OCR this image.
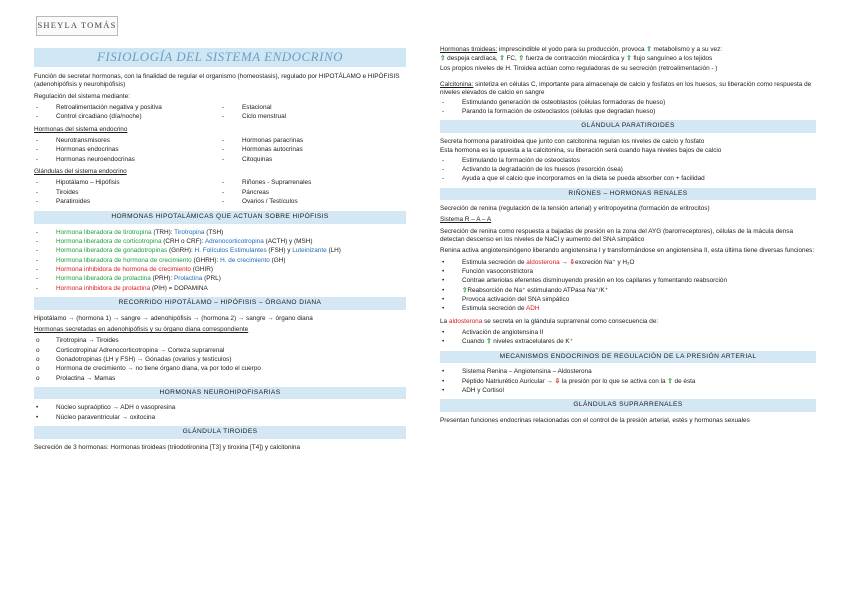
SHEYLA TOMÁS
FISIOLOGÍA DEL SISTEMA ENDOCRINO

Función de secretar hormonas, con la finalidad de regular el organismo (homeostasis), regulado por HIPOTÁLAMO e HIPÓFISIS (adenohipófisis y neurohipófisis)

Regulación del sistema mediante:

-	Retroalimentación negativa y positiva	-	Estacional
-	Control circadiano (día/noche)	-	Ciclo menstrual

Hormonas del sistema endocrino

-	Neurotransmisores	-	Hormonas paracrinas
-	Hormonas endocrinas	-	Hormonas autocrinas
-	Hormonas neuroendocrinas	-	Citoquinas

Glándulas del sistema endocrino

-	Hipotálamo – Hipófisis	-	Riñones - Suprarrenales
-	Tiroides	-	Páncreas
-	Paratiroides	-	Ovarios / Testículos
HORMONAS HIPOTALÁMICAS QUE ACTUAN SOBRE HIPÓFISIS
-	Hormona liberadora de tirotropina (TRH): Tirotropina (TSH)
-	Hormona liberadora de corticotropina (CRH o CRF): Adrenocorticotropina (ACTH) y (MSH)
-	Hormona liberadora de gonadotropinas (GnRH): H. Folículos Estimulantes (FSH) y Luteinizante (LH)
-	Hormona liberadora de hormona de crecimiento (GHRH): H. de crecimiento (GH)
-	Hormona inhibidora de hormona de crecimiento (GHIR)
-	Hormona liberadora de prolactina (PRH): Prolactina (PRL)
-	Hormona inhibidora de prolactina (PIH) = DOPAMINA
RECORRIDO HIPOTÁLAMO – HIPÓFISIS – ÓRGANO DIANA

Hipotálamo → (hormona 1) → sangre → adenohipófisis → (hormona 2) → sangre → órgano diana

Hormonas secretadas en adenohipófisis y su órgano diana correspondiente

o	Tirotropina → Tiroides
o	Corticotropina/ Adrenocorticotropina → Corteza suprarrenal
o	Gonadotropinas (LH y FSH) → Gónadas (ovarios y testículos)
o	Hormona de crecimiento → no tiene órgano diana, va por todo el cuerpo
o	Prolactina → Mamas
HORMONAS NEUROHIPOFISARIAS
•	Núcleo supraóptico → ADH o vasopresina
•	Núcleo paraventricular → oxitocina
GLÁNDULA TIROIDES

Secreción de 3 hormonas: Hormonas tiroideas (triiodotironina [T3] y tiroxina [T4]) y calcitonina

Hormonas tiroideas: imprescindible el yodo para su producción, provoca ⇧ metabolismo y a su vez:

⇧ despeja cardíaca, ⇧ FC, ⇧ fuerza de contracción miocárdica y ⇧ flujo sanguíneo a los tejidos

Los propios niveles de H. Tiroidea actúan como reguladoras de su secreción (retroalimentación - )

Calcitonina: sintetiza en células C, importante para almacenaje de calcio y fosfatos en los huesos, su liberación como respuesta de niveles elevados de calcio en sangre

-	Estimulando generación de osteoblastos (células formadoras de hueso)
-	Parando la formación de osteoclastos (células que degradan hueso)
GLÁNDULA PARATIROIDES

Secreta hormona paratiroidea que junto con calcitonina regulan los niveles de calcio y fosfato

Esta hormona es la opuesta a la calcitonina, su liberación será cuando haya niveles bajos de calcio

-	Estimulando la formación de osteoclastos
-	Activando la degradación de los huesos (resorción ósea)
-	Ayuda a que el calcio que incorporamos en la dieta se pueda absorber con + facilidad
RIÑONES – HORMONAS RENALES

Secreción de renina (regulación de la tensión arterial) y eritropoyetina (formación de eritrocitos)

Sistema R – A – A

Secreción de renina como respuesta a bajadas de presión en la zona del AYG (barorreceptores), células de la mácula densa detectan descenso en los niveles de NaCl y aumento del SNA simpático

Renina activa angiotensinógeno liberando angiotensina I y transformándose en angiotensina II, esta última tiene diversas funciones:

•	Estimula secreción de aldosterona → ⇩excreción Na⁺ y H₂O
•	Función vasoconstrictora
•	Contrae arteriolas eferentes disminuyendo presión en los capilares y fomentando reabsorción
•	⇧Reabsorción de Na⁺ estimulando ATPasa Na⁺/K⁺
•	Provoca activación del SNA simpático
•	Estimula secreción de ADH

La aldosterona se secreta en la glándula suprarrenal como consecuencia de:

•	Activación de angiotensina II
•	Cuando ⇧ niveles extracelulares de K⁺
MECANISMOS ENDOCRINOS DE REGULACIÓN DE LA PRESIÓN ARTERIAL
•	Sistema Renina – Angiotensina – Aldosterona
•	Péptido Natriurético Auricular → ⇩ la presión por lo que se activa con la ⇧ de ésta
•	ADH y Cortisol
GLÁNDULAS SUPRARRENALES

Presentan funciones endocrinas relacionadas con el control de la presión arterial, estés y hormonas sexuales
